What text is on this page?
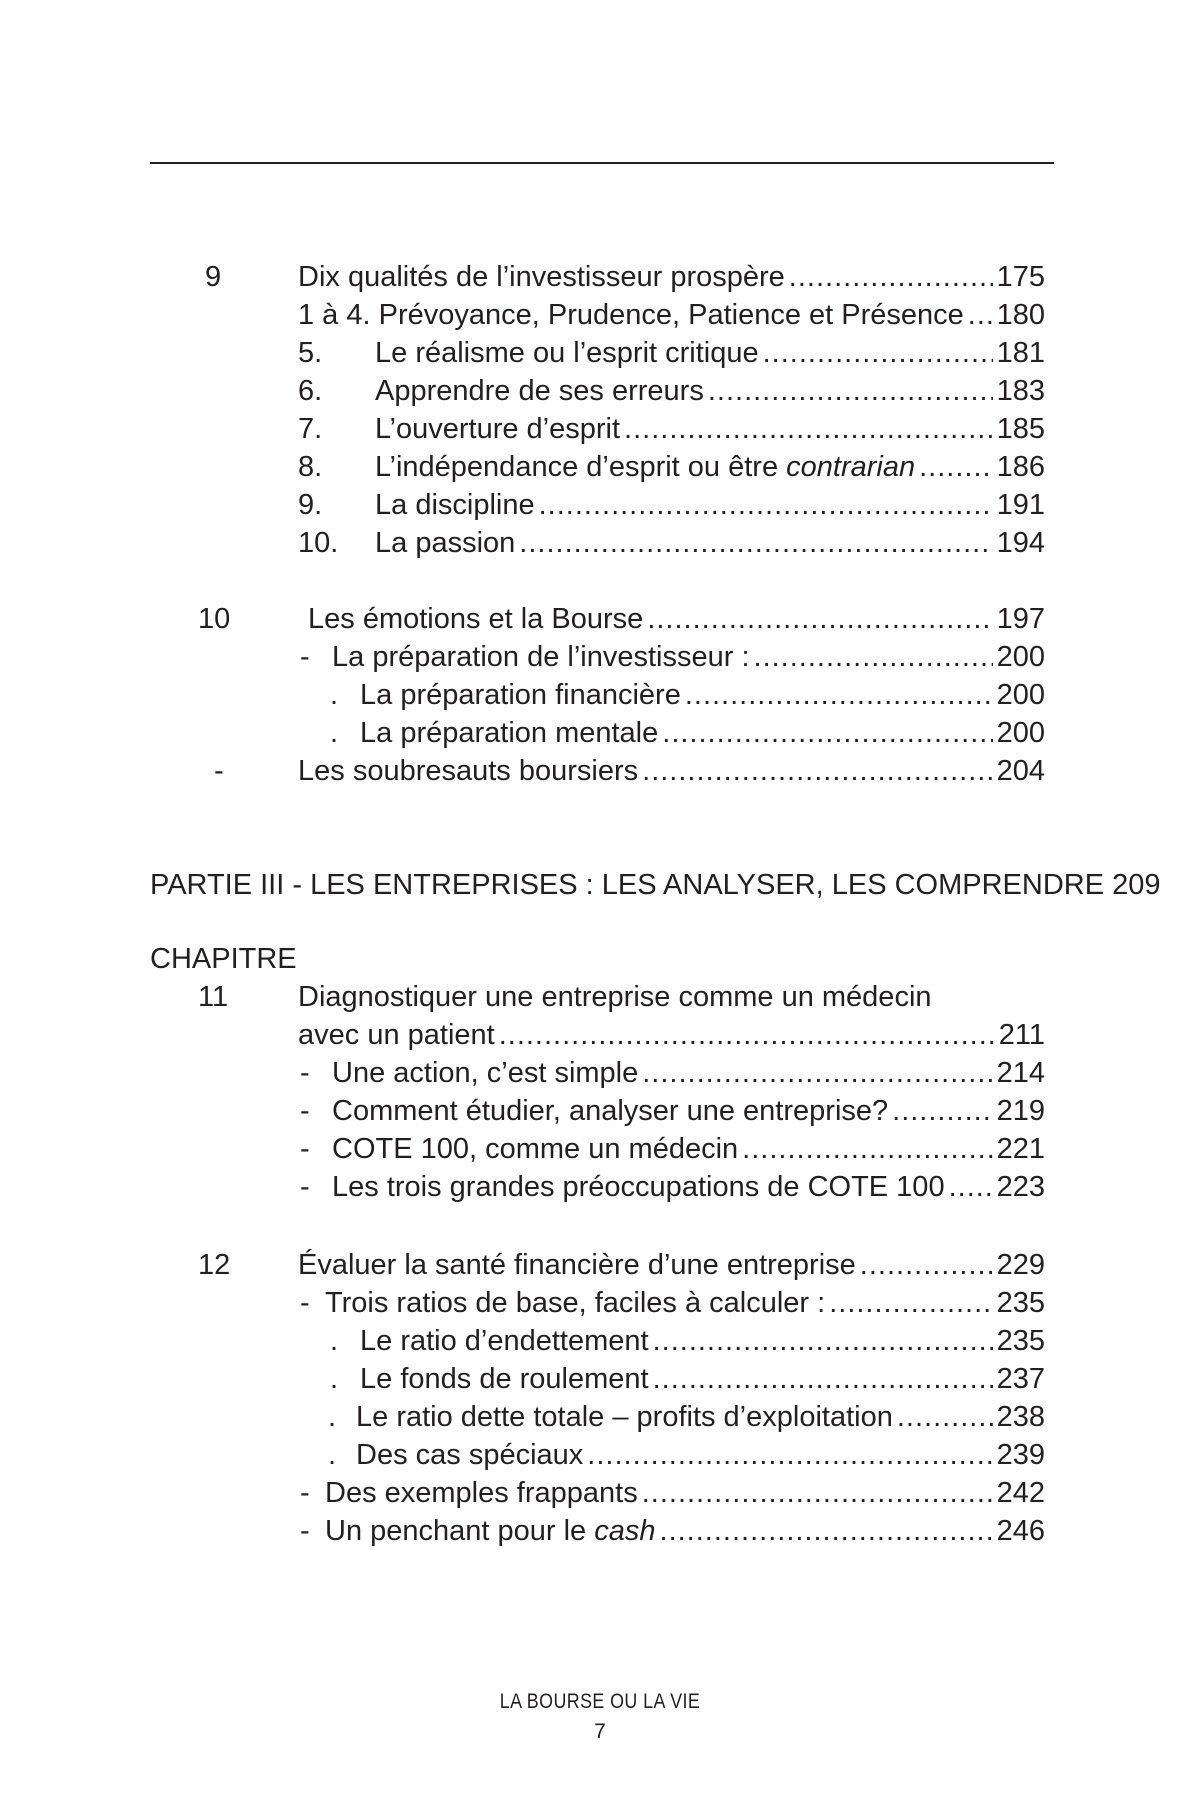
9	Dix qualités de l’investisseur prospère .....	175
1 à 4. Prévoyance, Prudence, Patience et Présence ..... 180
5. Le réalisme ou l’esprit critique .....	181
6. Apprendre de ses erreurs .....	183
7. L’ouverture d’esprit .....	185
8. L’indépendance d’esprit ou être contrarian .....	186
9. La discipline .....	191
10. La passion .....	194
10	Les émotions et la Bourse .....	197
- La préparation de l’investisseur : .....	200
. La préparation financière .....	200
. La préparation mentale .....	200
-	Les soubresauts boursiers .....	204
PARTIE III - LES ENTREPRISES : LES ANALYSER, LES COMPRENDRE 209
CHAPITRE
11 Diagnostiquer une entreprise comme un médecin
avec un patient .....	211
- Une action, c’est simple .....	214
- Comment étudier, analyser une entreprise? .....	219
- COTE 100, comme un médecin .....	221
- Les trois grandes préoccupations de COTE 100 ..... 223
12 Évaluer la santé financière d’une entreprise .....	229
- Trois ratios de base, faciles à calculer : .....	235
. Le ratio d’endettement .....	235
. Le fonds de roulement .....	237
. Le ratio dette totale – profits d’exploitation .....	238
. Des cas spéciaux .....	239
- Des exemples frappants .....	242
- Un penchant pour le cash .....	246
LA BOURSE OU LA VIE
7
